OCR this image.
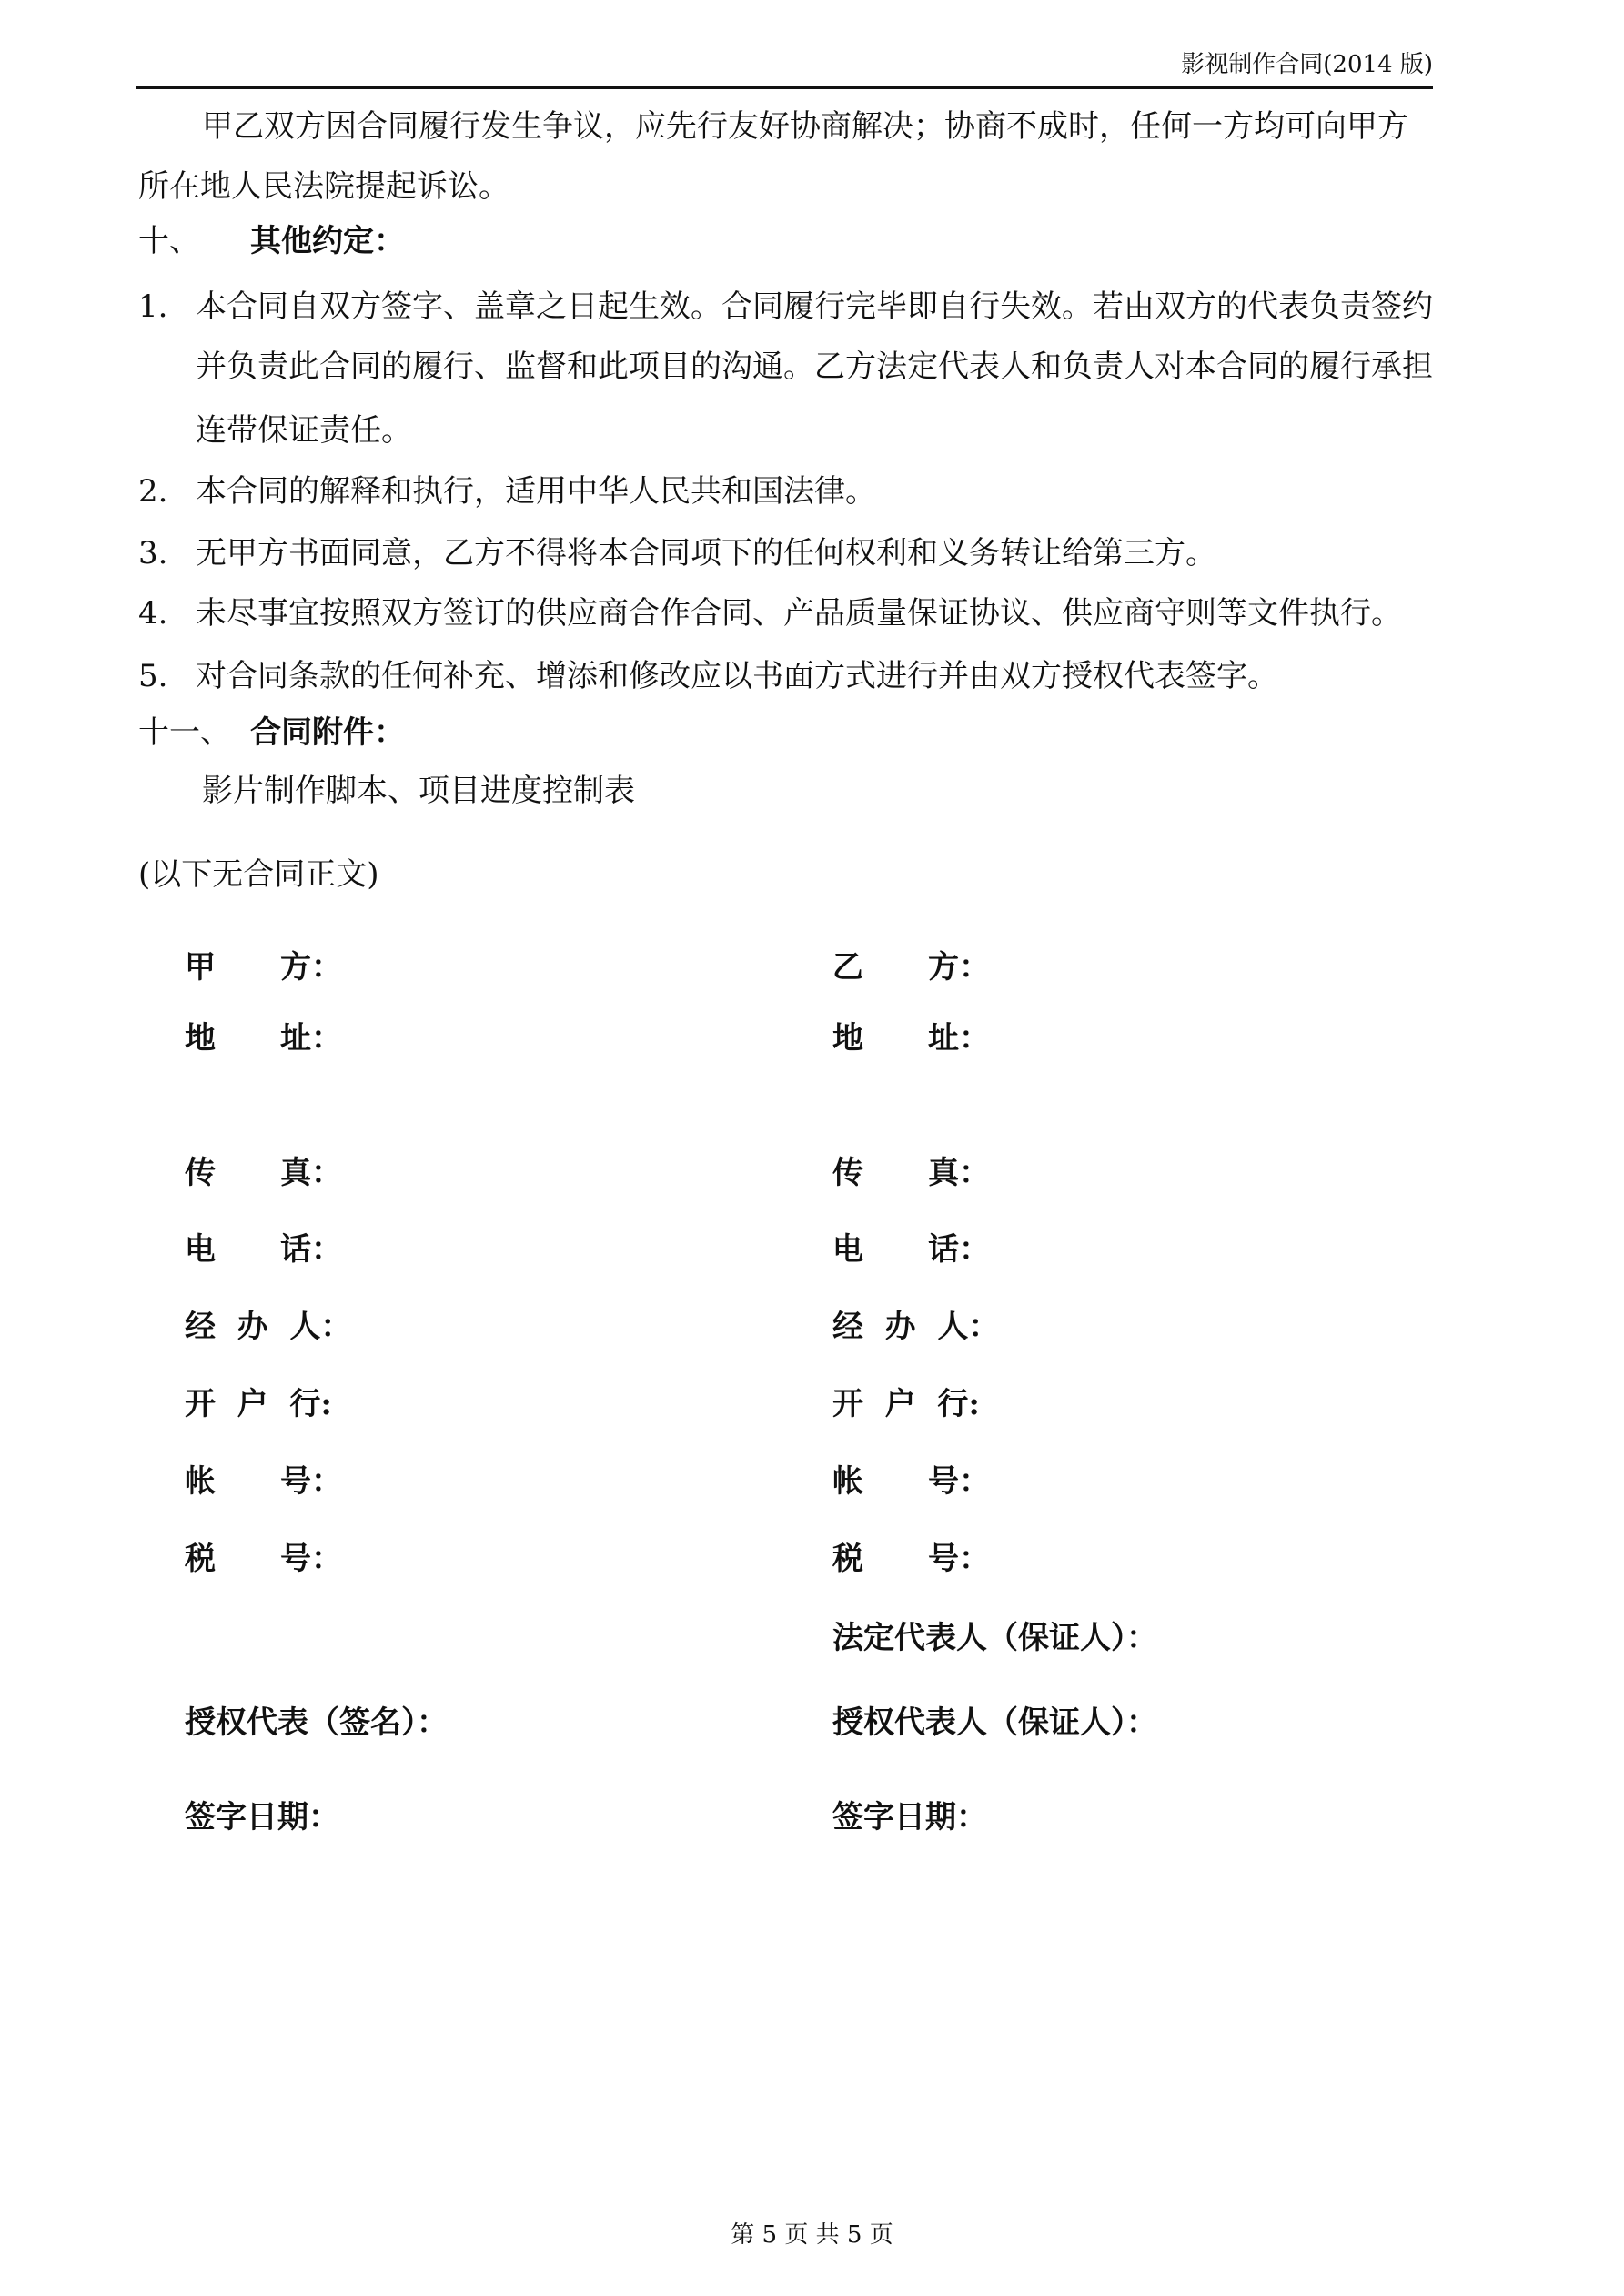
影视制作合同(2014 版)
甲乙双方因合同履行发生争议，应先行友好协商解决；协商不成时，任何一方均可向甲方
所在地人民法院提起诉讼。
十、 其他约定：
1. 本合同自双方签字、盖章之日起生效。合同履行完毕即自行失效。若由双方的代表负责签约
并负责此合同的履行、监督和此项目的沟通。乙方法定代表人和负责人对本合同的履行承担
连带保证责任。
2. 本合同的解释和执行，适用中华人民共和国法律。
3. 无甲方书面同意，乙方不得将本合同项下的任何权利和义务转让给第三方。
4. 未尽事宜按照双方签订的供应商合作合同、产品质量保证协议、供应商守则等文件执行。
5. 对合同条款的任何补充、增添和修改应以书面方式进行并由双方授权代表签字。
十一、 合同附件：
影片制作脚本、项目进度控制表
(以下无合同正文)
甲      方：
地      址：
传      真：
电      话：
经  办  人：
开  户  行:
帐      号：
税      号：
授权代表（签名）：
签字日期：
乙      方：
地      址：
传      真：
电      话：
经  办  人：
开  户  行:
帐      号：
税      号：
法定代表人（保证人）：
授权代表人（保证人）：
签字日期：
第 5 页 共 5 页
